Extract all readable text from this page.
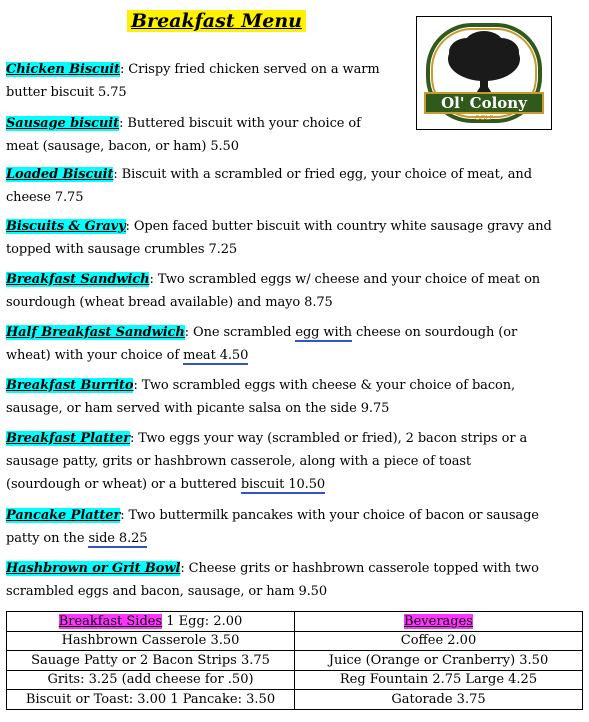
Breakfast Menu
Ol' Colony
GOLF
Chicken Biscuit: Crispy fried chicken served on a warm
butter biscuit 5.75
Sausage biscuit: Buttered biscuit with your choice of
meat (sausage, bacon, or ham) 5.50
Loaded Biscuit: Biscuit with a scrambled or fried egg, your choice of meat, and
cheese 7.75
Biscuits & Gravy: Open faced butter biscuit with country white sausage gravy and
topped with sausage crumbles 7.25
Breakfast Sandwich: Two scrambled eggs w/ cheese and your choice of meat on
sourdough (wheat bread available) and mayo 8.75
Half Breakfast Sandwich: One scrambled egg with cheese on sourdough (or
wheat) with your choice of meat 4.50
Breakfast Burrito: Two scrambled eggs with cheese & your choice of bacon,
sausage, or ham served with picante salsa on the side 9.75
Breakfast Platter: Two eggs your way (scrambled or fried), 2 bacon strips or a
sausage patty, grits or hashbrown casserole, along with a piece of toast
(sourdough or wheat) or a buttered biscuit 10.50
Pancake Platter: Two buttermilk pancakes with your choice of bacon or sausage
patty on the side 8.25
Hashbrown or Grit Bowl: Cheese grits or hashbrown casserole topped with two
scrambled eggs and bacon, sausage, or ham 9.50
Breakfast Sides 1 Egg: 2.00	Beverages
Hashbrown Casserole 3.50	Coffee 2.00
Sauage Patty or 2 Bacon Strips 3.75	Juice (Orange or Cranberry) 3.50
Grits: 3.25 (add cheese for .50)	Reg Fountain 2.75 Large 4.25
Biscuit or Toast: 3.00 1 Pancake: 3.50	Gatorade 3.75
